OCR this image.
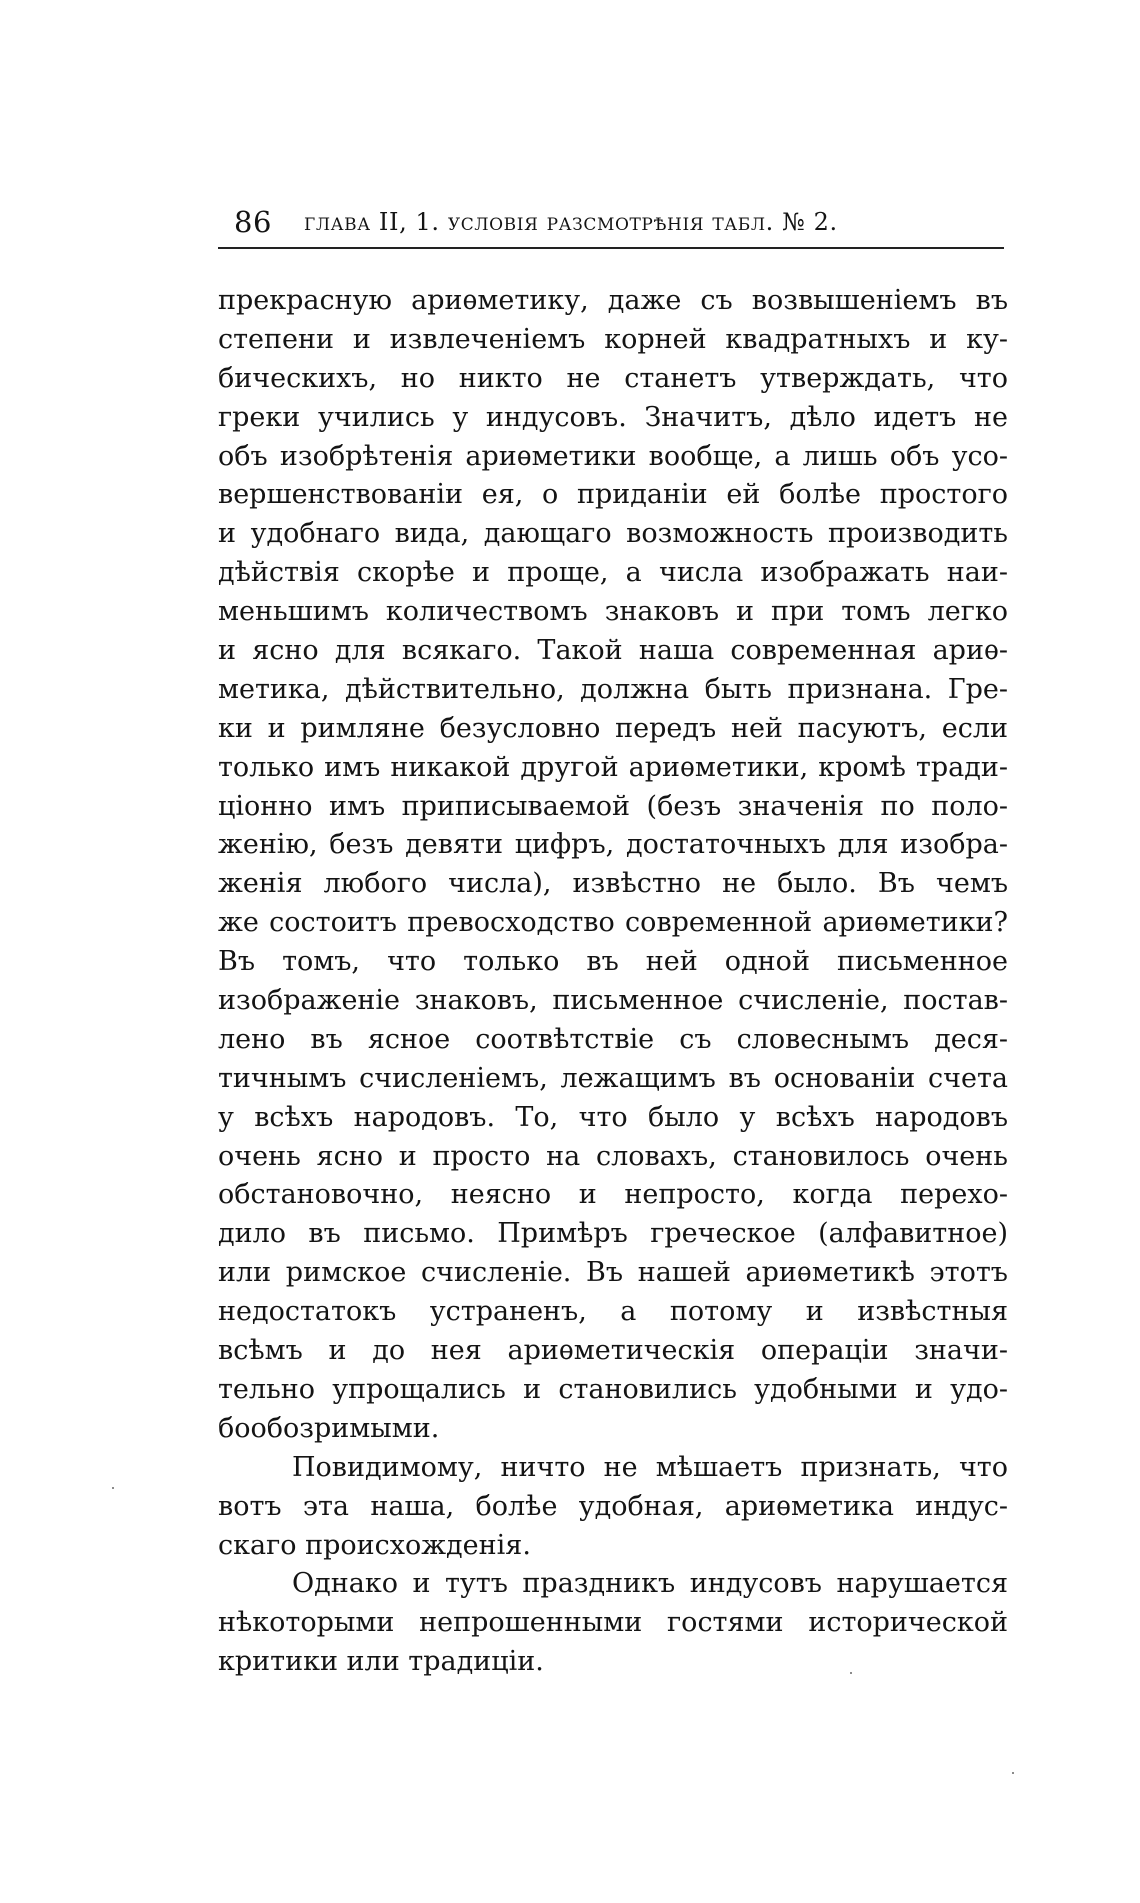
86 глава II, 1. условія разсмотрѣнія табл. № 2.
прекрасную ариѳметику, даже съ возвышеніемъ въ
степени и извлеченіемъ корней квадратныхъ и ку-
бическихъ, но никто не станетъ утверждать, что
греки учились у индусовъ. Значитъ, дѣло идетъ не
объ изобрѣтенія ариѳметики вообще, а лишь объ усо-
вершенствованіи ея, о приданіи ей болѣе простого
и удобнаго вида, дающаго возможность производить
дѣйствія скорѣе и проще, а числа изображать наи-
меньшимъ количествомъ знаковъ и при томъ легко
и ясно для всякаго. Такой наша современная ариѳ-
метика, дѣйствительно, должна быть признана. Гре-
ки и римляне безусловно передъ ней пасуютъ, если
только имъ никакой другой ариѳметики, кромѣ тради-
ціонно имъ приписываемой (безъ значенія по поло-
женію, безъ девяти цифръ, достаточныхъ для изобра-
женія любого числа), извѣстно не было. Въ чемъ
же состоитъ превосходство современной ариѳметики?
Въ томъ, что только въ ней одной письменное
изображеніе знаковъ, письменное счисленіе, постав-
лено въ ясное соотвѣтствіе съ словеснымъ деся-
тичнымъ счисленіемъ, лежащимъ въ основаніи счета
у всѣхъ народовъ. То, что было у всѣхъ народовъ
очень ясно и просто на словахъ, становилось очень
обстановочно, неясно и непросто, когда перехо-
дило въ письмо. Примѣръ греческое (алфавитное)
или римское счисленіе. Въ нашей ариѳметикѣ этотъ
недостатокъ устраненъ, а потому и извѣстныя
всѣмъ и до нея ариѳметическія операціи значи-
тельно упрощались и становились удобными и удо-
бообозримыми.
Повидимому, ничто не мѣшаетъ признать, что
вотъ эта наша, болѣе удобная, ариѳметика индус-
скаго происхожденія.
Однако и тутъ праздникъ индусовъ нарушается
нѣкоторыми непрошенными гостями исторической
критики или традиціи.
